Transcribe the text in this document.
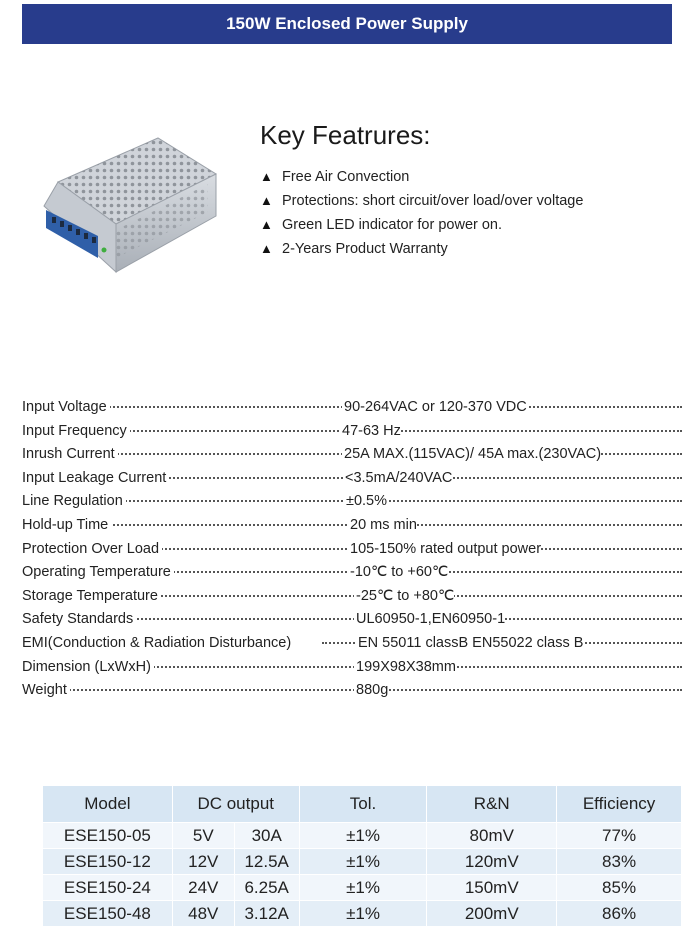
150W Enclosed Power Supply
Key Featrures:
▲ Free Air Convection
▲ Protections: short circuit/over load/over voltage
▲ Green LED indicator for power on.
▲ 2-Years Product Warranty
Input Voltage	90-264VAC or 120-370 VDC
Input Frequency	47-63 Hz
Inrush Current	25A MAX.(115VAC)/ 45A max.(230VAC)
Input Leakage Current	<3.5mA/240VAC
Line Regulation	±0.5%
Hold-up Time	20 ms min
Protection Over Load	105-150% rated output power
Operating Temperature	-10℃ to +60℃
Storage Temperature	-25℃ to +80℃
Safety Standards	UL60950-1,EN60950-1
EMI(Conduction & Radiation Disturbance)	EN 55011 classB EN55022 class B
Dimension (LxWxH)	199X98X38mm
Weight	880g
Model	DC output		Tol.	R&N	Efficiency
ESE150-05	5V	30A	±1%	80mV	77%
ESE150-12	12V	12.5A	±1%	120mV	83%
ESE150-24	24V	6.25A	±1%	150mV	85%
ESE150-48	48V	3.12A	±1%	200mV	86%
